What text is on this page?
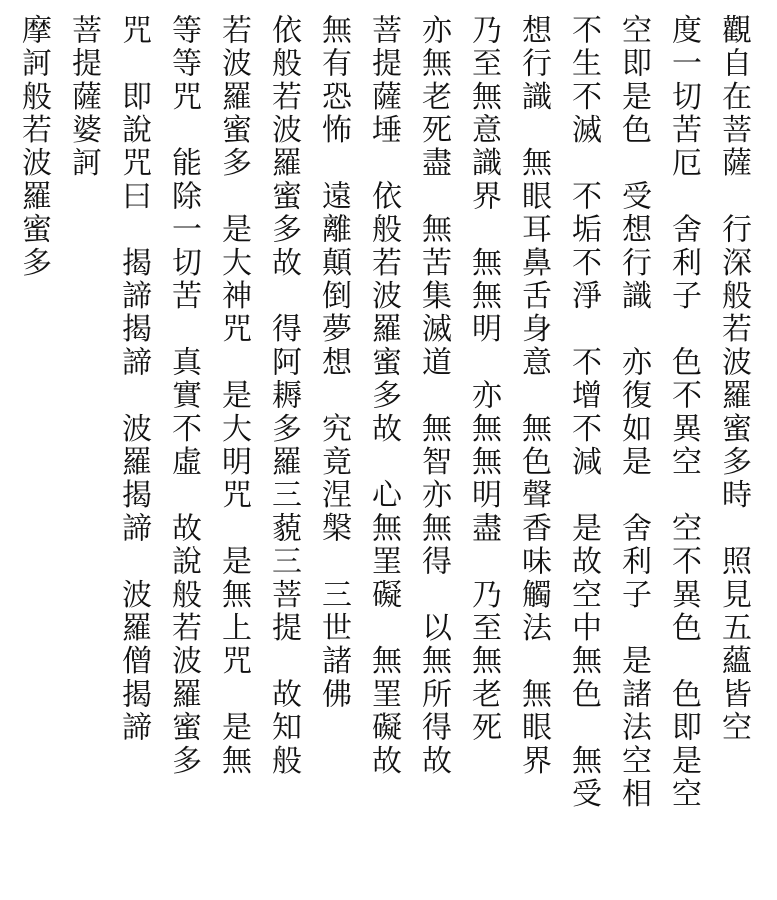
觀自在菩薩　行深般若波羅蜜多時　照見五蘊皆空
度一切苦厄　舍利子　色不異空　空不異色　色即是空
空即是色　受想行識　亦復如是　舍利子　是諸法空相
不生不滅　不垢不淨　不增不減　是故空中無色　無受
想行識　無眼耳鼻舌身意　無色聲香味觸法　無眼界
乃至無意識界　無無明　亦無無明盡　乃至無老死
亦無老死盡　無苦集滅道　無智亦無得　以無所得故
菩提薩埵　依般若波羅蜜多故　心無罣礙　無罣礙故
無有恐怖　遠離顛倒夢想　究竟涅槃　三世諸佛
依般若波羅蜜多故　得阿耨多羅三藐三菩提　故知般
若波羅蜜多　是大神咒　是大明咒　是無上咒　是無
等等咒　能除一切苦　真實不虛　故說般若波羅蜜多
咒　即說咒曰　揭諦揭諦　波羅揭諦　波羅僧揭諦
菩提薩婆訶
摩訶般若波羅蜜多
